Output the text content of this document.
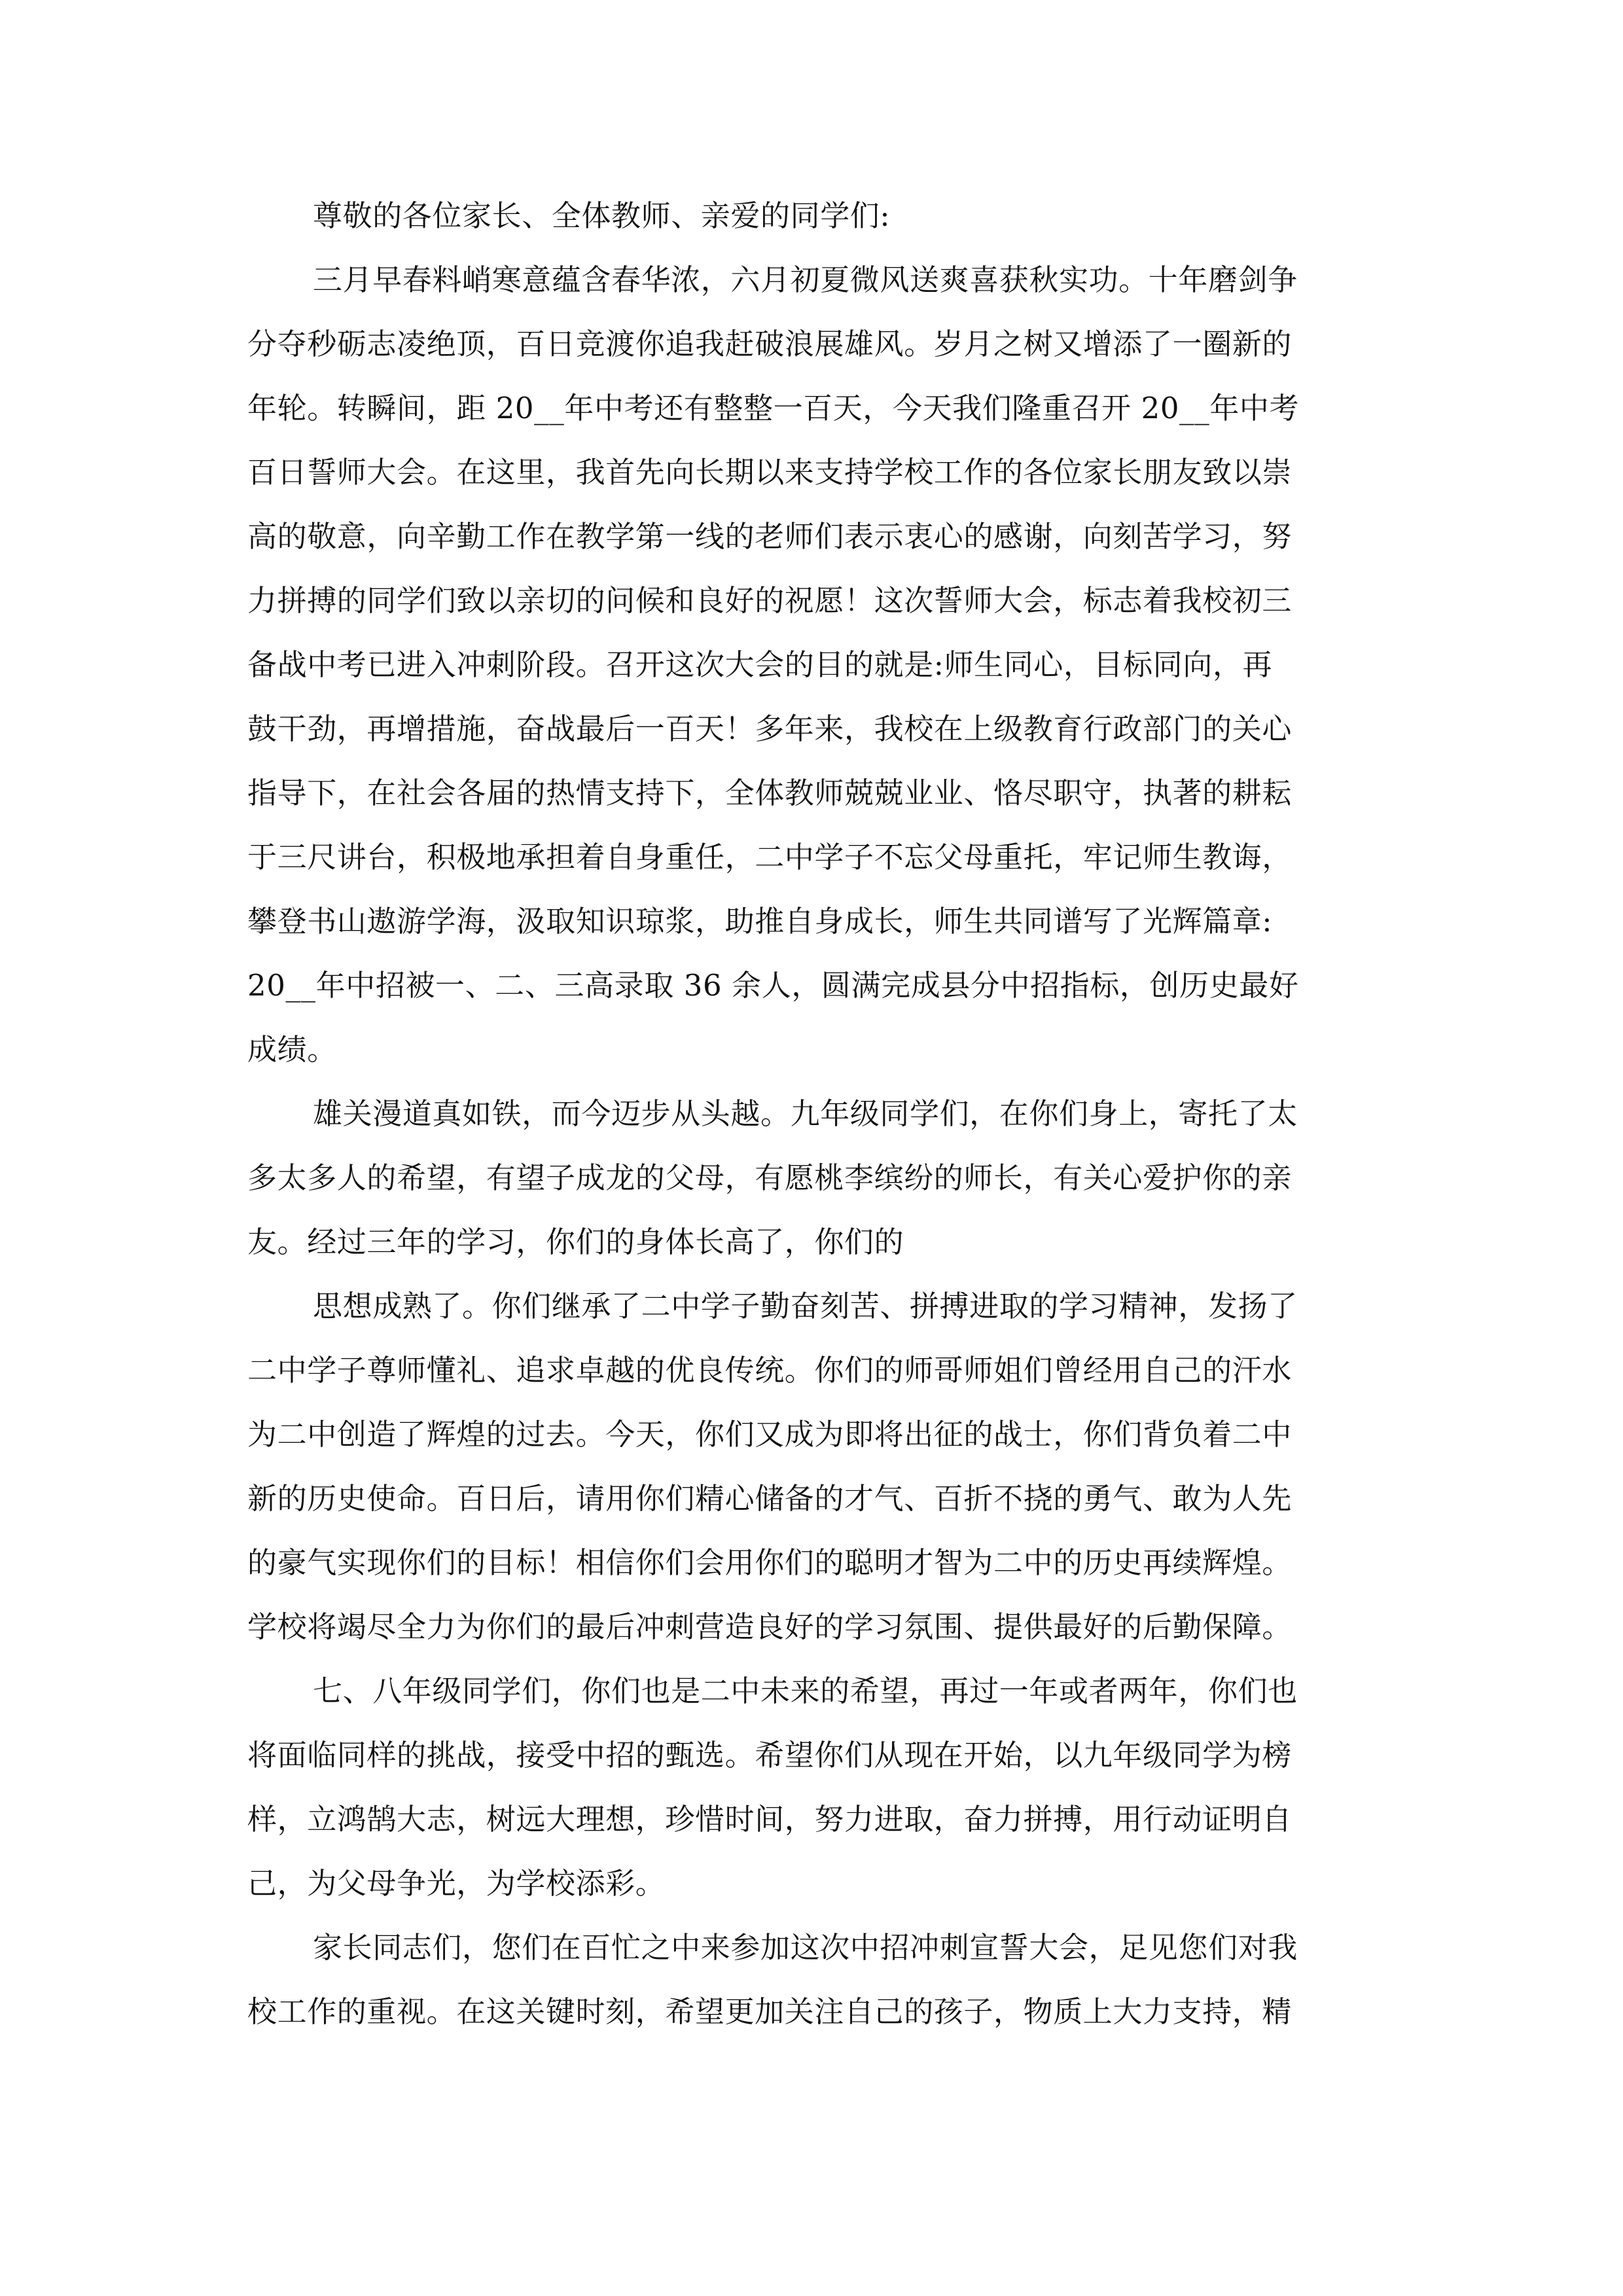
尊敬的各位家长、全体教师、亲爱的同学们:
三月早春料峭寒意蕴含春华浓，六月初夏微风送爽喜获秋实功。十年磨剑争
分夺秒砺志凌绝顶，百日竞渡你追我赶破浪展雄风。岁月之树又增添了一圈新的
年轮。转瞬间，距 20__年中考还有整整一百天，今天我们隆重召开 20__年中考
百日誓师大会。在这里，我首先向长期以来支持学校工作的各位家长朋友致以崇
高的敬意，向辛勤工作在教学第一线的老师们表示衷心的感谢，向刻苦学习，努
力拼搏的同学们致以亲切的问候和良好的祝愿！这次誓师大会，标志着我校初三
备战中考已进入冲刺阶段。召开这次大会的目的就是:师生同心，目标同向，再
鼓干劲，再增措施，奋战最后一百天！多年来，我校在上级教育行政部门的关心
指导下，在社会各届的热情支持下，全体教师兢兢业业、恪尽职守，执著的耕耘
于三尺讲台，积极地承担着自身重任，二中学子不忘父母重托，牢记师生教诲，
攀登书山遨游学海，汲取知识琼浆，助推自身成长，师生共同谱写了光辉篇章:
20__年中招被一、二、三高录取 36 余人，圆满完成县分中招指标，创历史最好
成绩。
雄关漫道真如铁，而今迈步从头越。九年级同学们，在你们身上，寄托了太
多太多人的希望，有望子成龙的父母，有愿桃李缤纷的师长，有关心爱护你的亲
友。经过三年的学习，你们的身体长高了，你们的
思想成熟了。你们继承了二中学子勤奋刻苦、拼搏进取的学习精神，发扬了
二中学子尊师懂礼、追求卓越的优良传统。你们的师哥师姐们曾经用自己的汗水
为二中创造了辉煌的过去。今天，你们又成为即将出征的战士，你们背负着二中
新的历史使命。百日后，请用你们精心储备的才气、百折不挠的勇气、敢为人先
的豪气实现你们的目标！相信你们会用你们的聪明才智为二中的历史再续辉煌。
学校将竭尽全力为你们的最后冲刺营造良好的学习氛围、提供最好的后勤保障。
七、八年级同学们，你们也是二中未来的希望，再过一年或者两年，你们也
将面临同样的挑战，接受中招的甄选。希望你们从现在开始，以九年级同学为榜
样，立鸿鹄大志，树远大理想，珍惜时间，努力进取，奋力拼搏，用行动证明自
己，为父母争光，为学校添彩。
家长同志们，您们在百忙之中来参加这次中招冲刺宣誓大会，足见您们对我
校工作的重视。在这关键时刻，希望更加关注自己的孩子，物质上大力支持，精
